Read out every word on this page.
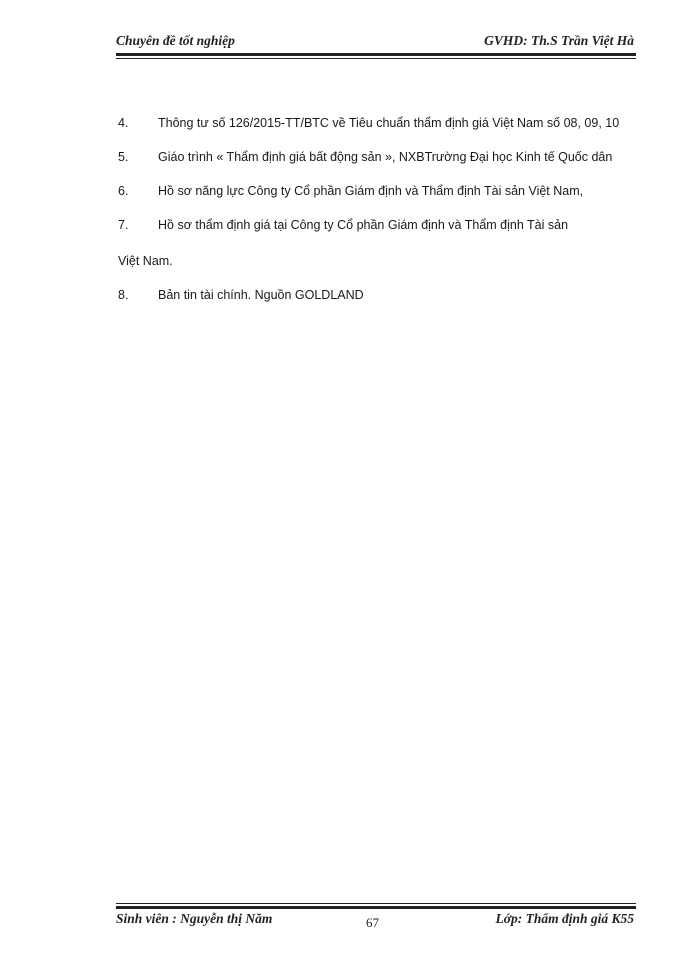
Chuyên đề tốt nghiệp	GVHD: Th.S Trần Việt Hà
4. Thông tư số 126/2015-TT/BTC về Tiêu chuẩn thẩm định giá Việt Nam số 08, 09, 10
5. Giáo trình « Thẩm định giá bất động sản », NXBTrường Đại học Kinh tế Quốc dân
6. Hồ sơ năng lực Công ty Cổ phần Giám định và Thẩm định Tài sản Việt Nam,
7. Hồ sơ thẩm định giá tại Công ty Cổ phần Giám định và Thẩm định Tài sản
Việt Nam.
8. Bản tin tài chính. Nguồn GOLDLAND
Sinh viên : Nguyễn thị Năm	67	Lớp: Thẩm định giá K55
